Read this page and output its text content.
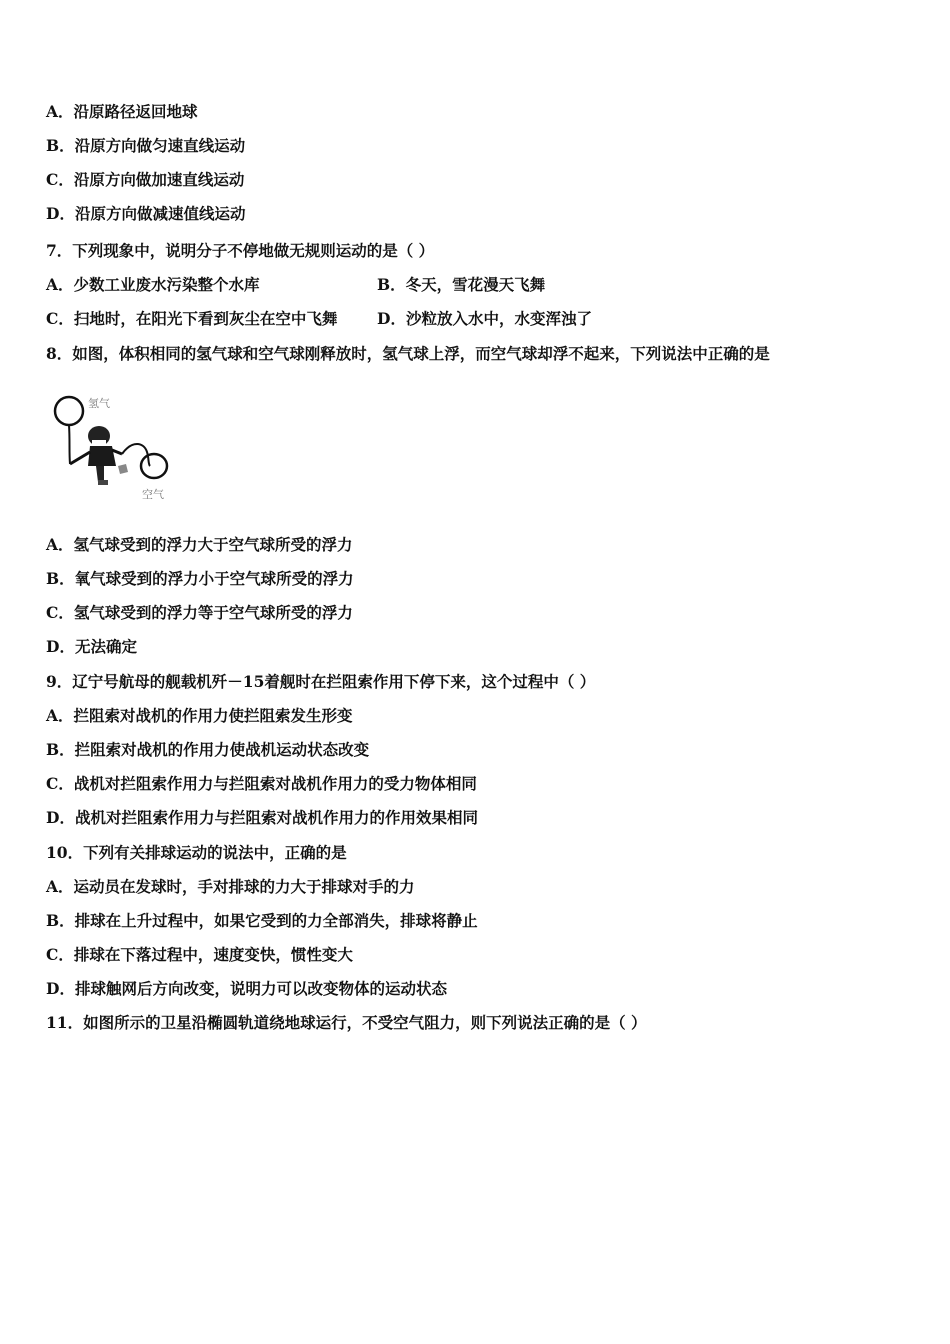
A．沿原路径返回地球
B．沿原方向做匀速直线运动
C．沿原方向做加速直线运动
D．沿原方向做减速值线运动
7．下列现象中，说明分子不停地做无规则运动的是（ ）
A．少数工业废水污染整个水库	B．冬天，雪花漫天飞舞
C．扫地时，在阳光下看到灰尘在空中飞舞	D．沙粒放入水中，水变浑浊了
8．如图，体积相同的氢气球和空气球刚释放时，氢气球上浮，而空气球却浮不起来，下列说法中正确的是
氢气
空气
A．氢气球受到的浮力大于空气球所受的浮力
B．氧气球受到的浮力小于空气球所受的浮力
C．氢气球受到的浮力等于空气球所受的浮力
D．无法确定
9．辽宁号航母的舰载机歼－15着舰时在拦阻索作用下停下来，这个过程中（ ）
A．拦阻索对战机的作用力使拦阻索发生形变
B．拦阻索对战机的作用力使战机运动状态改变
C．战机对拦阻索作用力与拦阻索对战机作用力的受力物体相同
D．战机对拦阻索作用力与拦阻索对战机作用力的作用效果相同
10．下列有关排球运动的说法中，正确的是
A．运动员在发球时，手对排球的力大于排球对手的力
B．排球在上升过程中，如果它受到的力全部消失，排球将静止
C．排球在下落过程中，速度变快，惯性变大
D．排球触网后方向改变，说明力可以改变物体的运动状态
11．如图所示的卫星沿椭圆轨道绕地球运行，不受空气阻力，则下列说法正确的是（ ）
